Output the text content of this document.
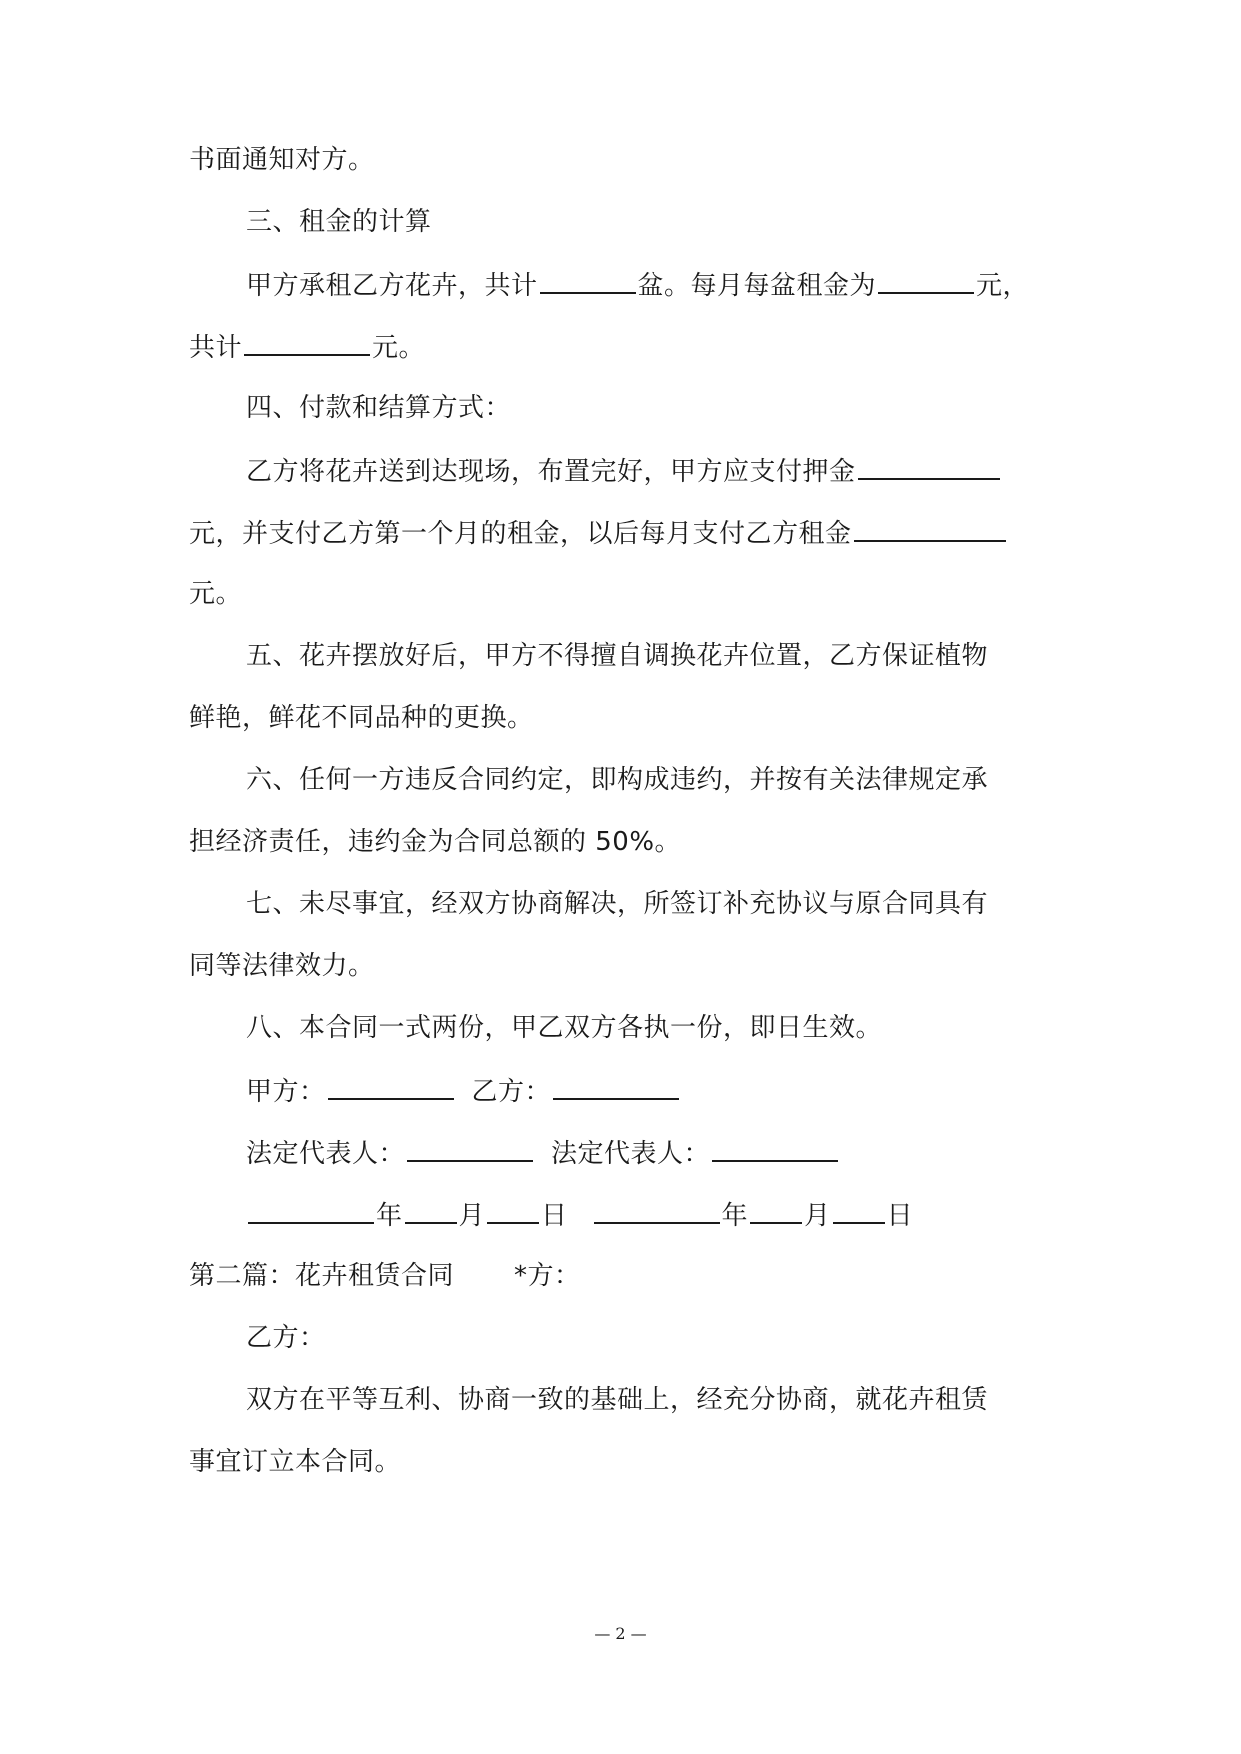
书面通知对方。
三、租金的计算
甲方承租乙方花卉，共计	盆。每月每盆租金为	元，
共计	元。
四、付款和结算方式：
乙方将花卉送到达现场，布置完好，甲方应支付押金
元，并支付乙方第一个月的租金，以后每月支付乙方租金
元。
五、花卉摆放好后，甲方不得擅自调换花卉位置，乙方保证植物
鲜艳，鲜花不同品种的更换。
六、任何一方违反合同约定，即构成违约，并按有关法律规定承
担经济责任，违约金为合同总额的 50%。
七、未尽事宜，经双方协商解决，所签订补充协议与原合同具有
同等法律效力。
八、本合同一式两份，甲乙双方各执一份，即日生效。
甲方：	乙方：
法定代表人：	法定代表人：
年 月 日	年 月 日
第二篇：花卉租赁合同 *方：
乙方：
双方在平等互利、协商一致的基础上，经充分协商，就花卉租赁
事宜订立本合同。
— 2 —
